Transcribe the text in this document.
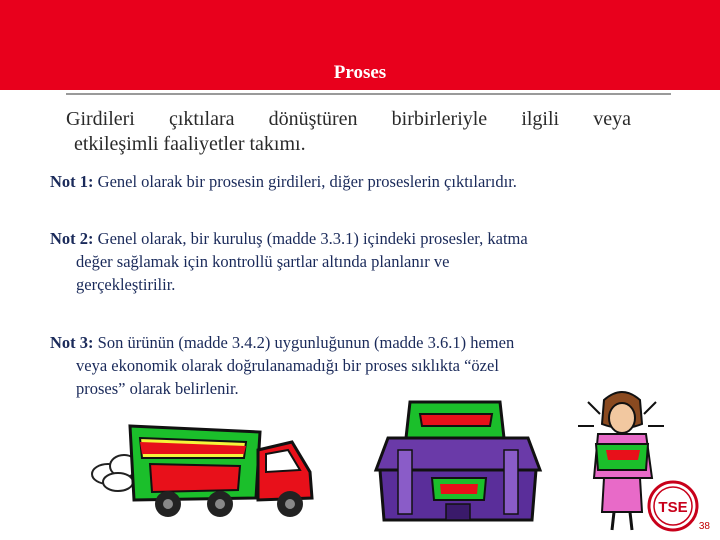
Proses
Girdileri çıktılara dönüştüren birbirleriyle ilgili veya
etkileşimli faaliyetler takımı.
Not 1: Genel olarak bir prosesin girdileri, diğer proseslerin çıktılarıdır.
Not 2: Genel olarak, bir kuruluş (madde 3.3.1) içindeki prosesler, katma
değer sağlamak için kontrollü şartlar altında planlanır ve
gerçekleştirilir.
Not 3: Son ürünün (madde 3.4.2) uygunluğunun (madde 3.6.1) hemen
veya ekonomik olarak doğrulanamadığı bir proses sıklıkta “özel
proses” olarak belirlenir.
TSE
38
